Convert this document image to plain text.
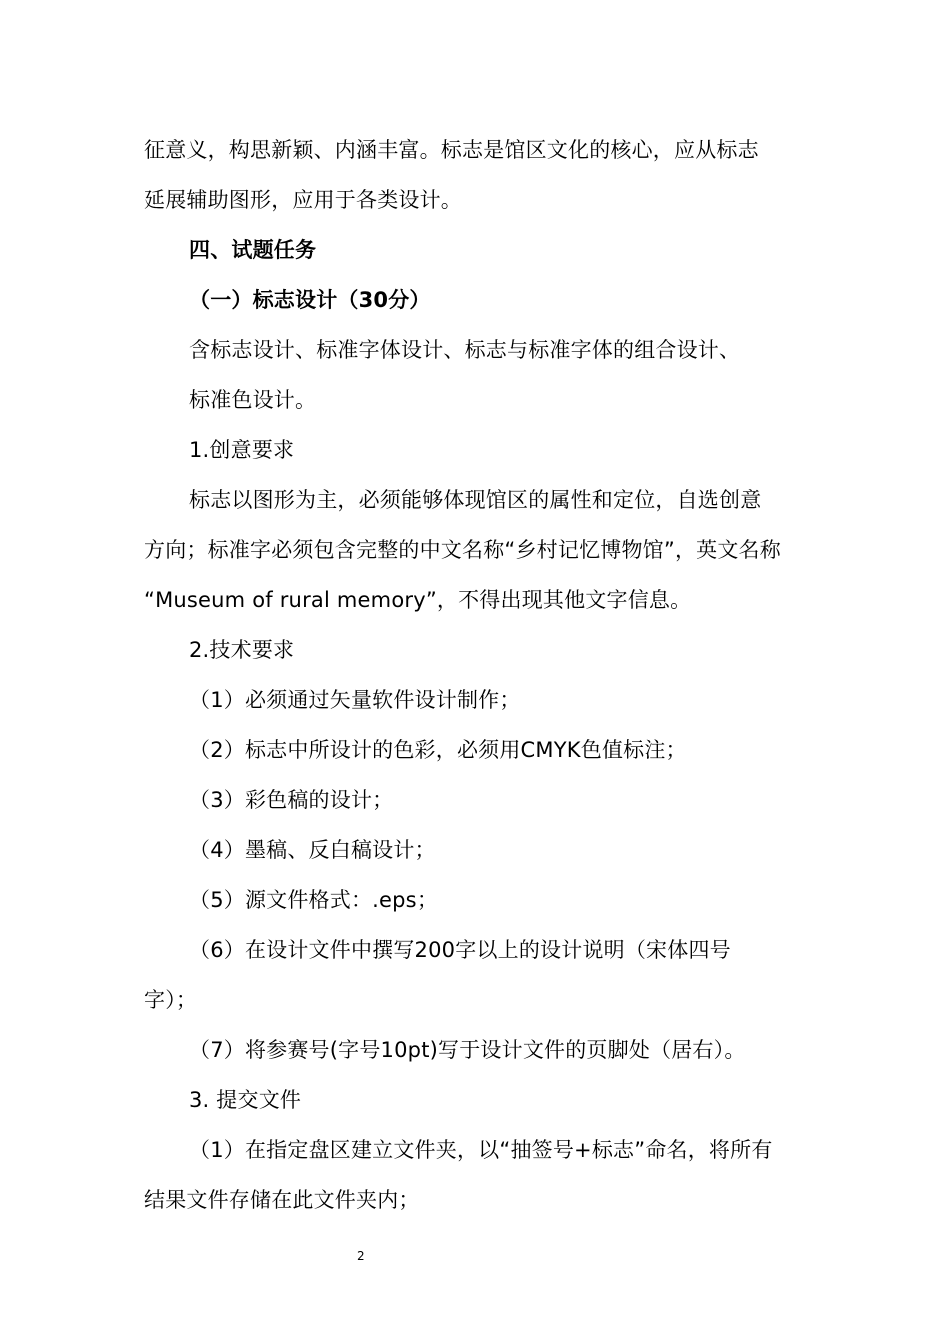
征意义，构思新颖、内涵丰富。标志是馆区文化的核心，应从标志
延展辅助图形，应用于各类设计。
四、试题任务
（一）标志设计（30分）
含标志设计、标准字体设计、标志与标准字体的组合设计、
标准色设计。
1.创意要求
标志以图形为主，必须能够体现馆区的属性和定位，自选创意
方向；标准字必须包含完整的中文名称“乡村记忆博物馆”，英文名称
“Museum of rural memory”，不得出现其他文字信息。
2.技术要求
（1）必须通过矢量软件设计制作；
（2）标志中所设计的色彩，必须用CMYK色值标注；
（3）彩色稿的设计；
（4）墨稿、反白稿设计；
（5）源文件格式：.eps；
（6）在设计文件中撰写200字以上的设计说明（宋体四号
字）；
（7）将参赛号(字号10pt)写于设计文件的页脚处（居右）。
3. 提交文件
（1）在指定盘区建立文件夹，以“抽签号+标志”命名，将所有
结果文件存储在此文件夹内；
2
